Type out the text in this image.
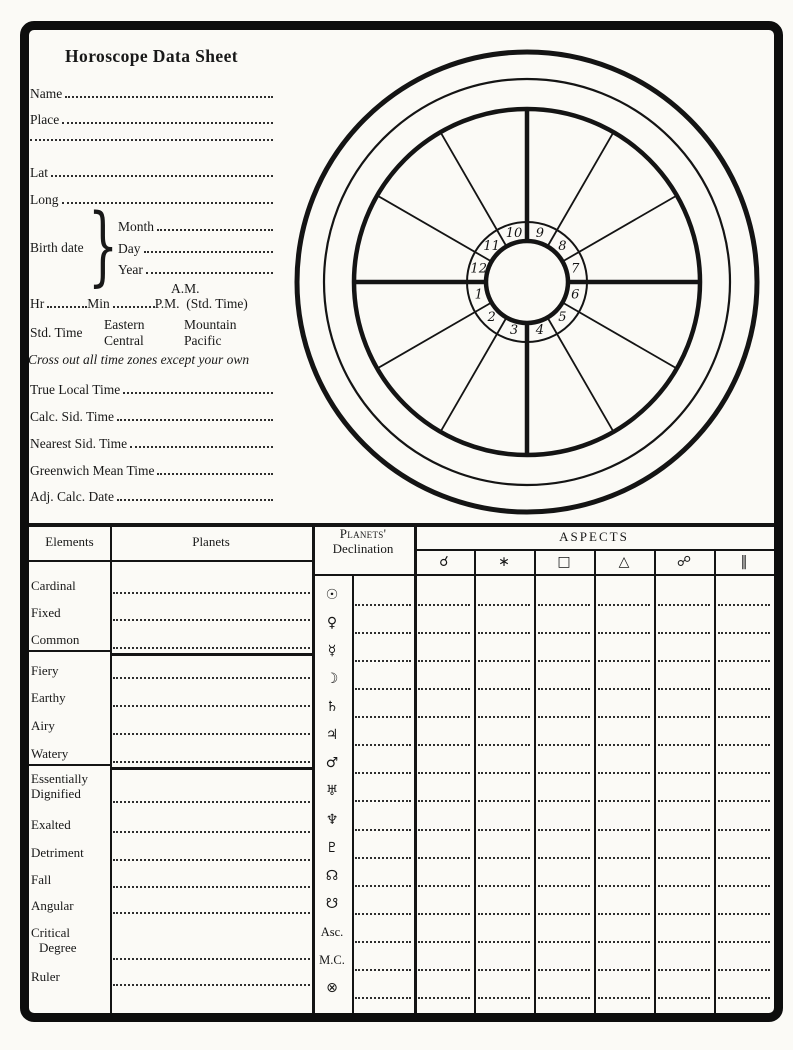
Horoscope Data Sheet
Birth date }	A.M.
Hr	Min	P.M.  (Std. Time)
Std. Time
Eastern
Central
Mountain
Pacific
Cross out all time zones except your own
1
2
3 4
5
6
7
8
9
10
11
12
Elements	Planets
Planets'
Declination
ASPECTS
Name
Place
Lat
Long
True Local Time
Calc. Sid. Time
Nearest Sid. Time
Greenwich Mean Time
Adj. Calc. Date
Month
Day
Year
☌	∗	□	△	☍	‖
Cardinal
Fixed
Common
Fiery
Earthy
Airy
Watery
Essentially
Dignified
Exalted
Detriment
Fall
Angular
Critical
Degree
Ruler
☉
♀
☿
☽
♄
♃
♂
♅
♆
♇
☊
☋
Asc.
M.C.
⊗
